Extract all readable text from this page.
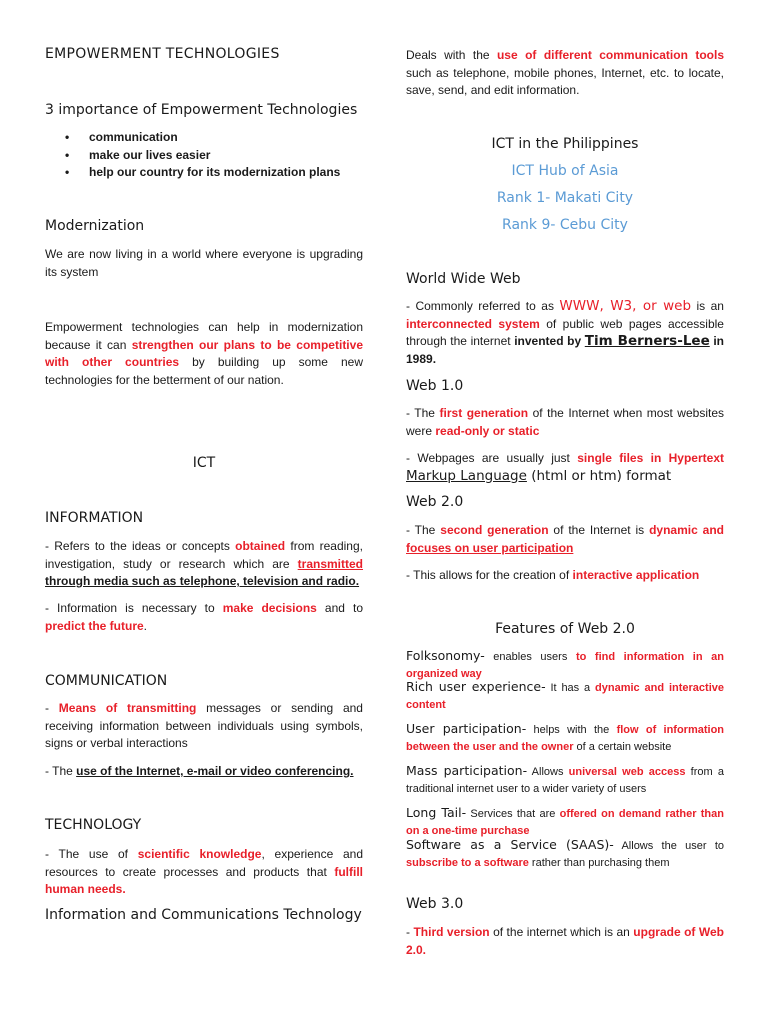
EMPOWERMENT TECHNOLOGIES
3 importance of Empowerment Technologies
• communication
• make our lives easier
• help our country for its modernization plans
Modernization

We are now living in a world where everyone is upgrading its system

Empowerment technologies can help in modernization because it can strengthen our plans to be competitive with other countries by building up some new technologies for the betterment of our nation.

ICT
INFORMATION

- Refers to the ideas or concepts obtained from reading, investigation, study or research which are transmitted through media such as telephone, television and radio.

- Information is necessary to make decisions and to predict the future.

COMMUNICATION

- Means of transmitting messages or sending and receiving information between individuals using symbols, signs or verbal interactions

- The use of the Internet, e-mail or video conferencing.

TECHNOLOGY

- The use of scientific knowledge, experience and resources to create processes and products that fulfill human needs.

Information and Communications Technology

Deals with the use of different communication tools such as telephone, mobile phones, Internet, etc. to locate, save, send, and edit information.

ICT in the Philippines
ICT Hub of Asia
Rank 1- Makati City
Rank 9- Cebu City
World Wide Web

- Commonly referred to as WWW, W3, or web is an interconnected system of public web pages accessible through the internet invented by Tim Berners-Lee in 1989.

Web 1.0

- The first generation of the Internet when most websites were read-only or static

- Webpages are usually just single files in Hypertext Markup Language (html or htm) format

Web 2.0

- The second generation of the Internet is dynamic and focuses on user participation

- This allows for the creation of interactive application

Features of Web 2.0

Folksonomy- enables users to find information in an organized way

Rich user experience- It has a dynamic and interactive content

User participation- helps with the flow of information between the user and the owner of a certain website

Mass participation- Allows universal web access from a traditional internet user to a wider variety of users

Long Tail- Services that are offered on demand rather than on a one-time purchase

Software as a Service (SAAS)- Allows the user to subscribe to a software rather than purchasing them

Web 3.0

- Third version of the internet which is an upgrade of Web 2.0.
